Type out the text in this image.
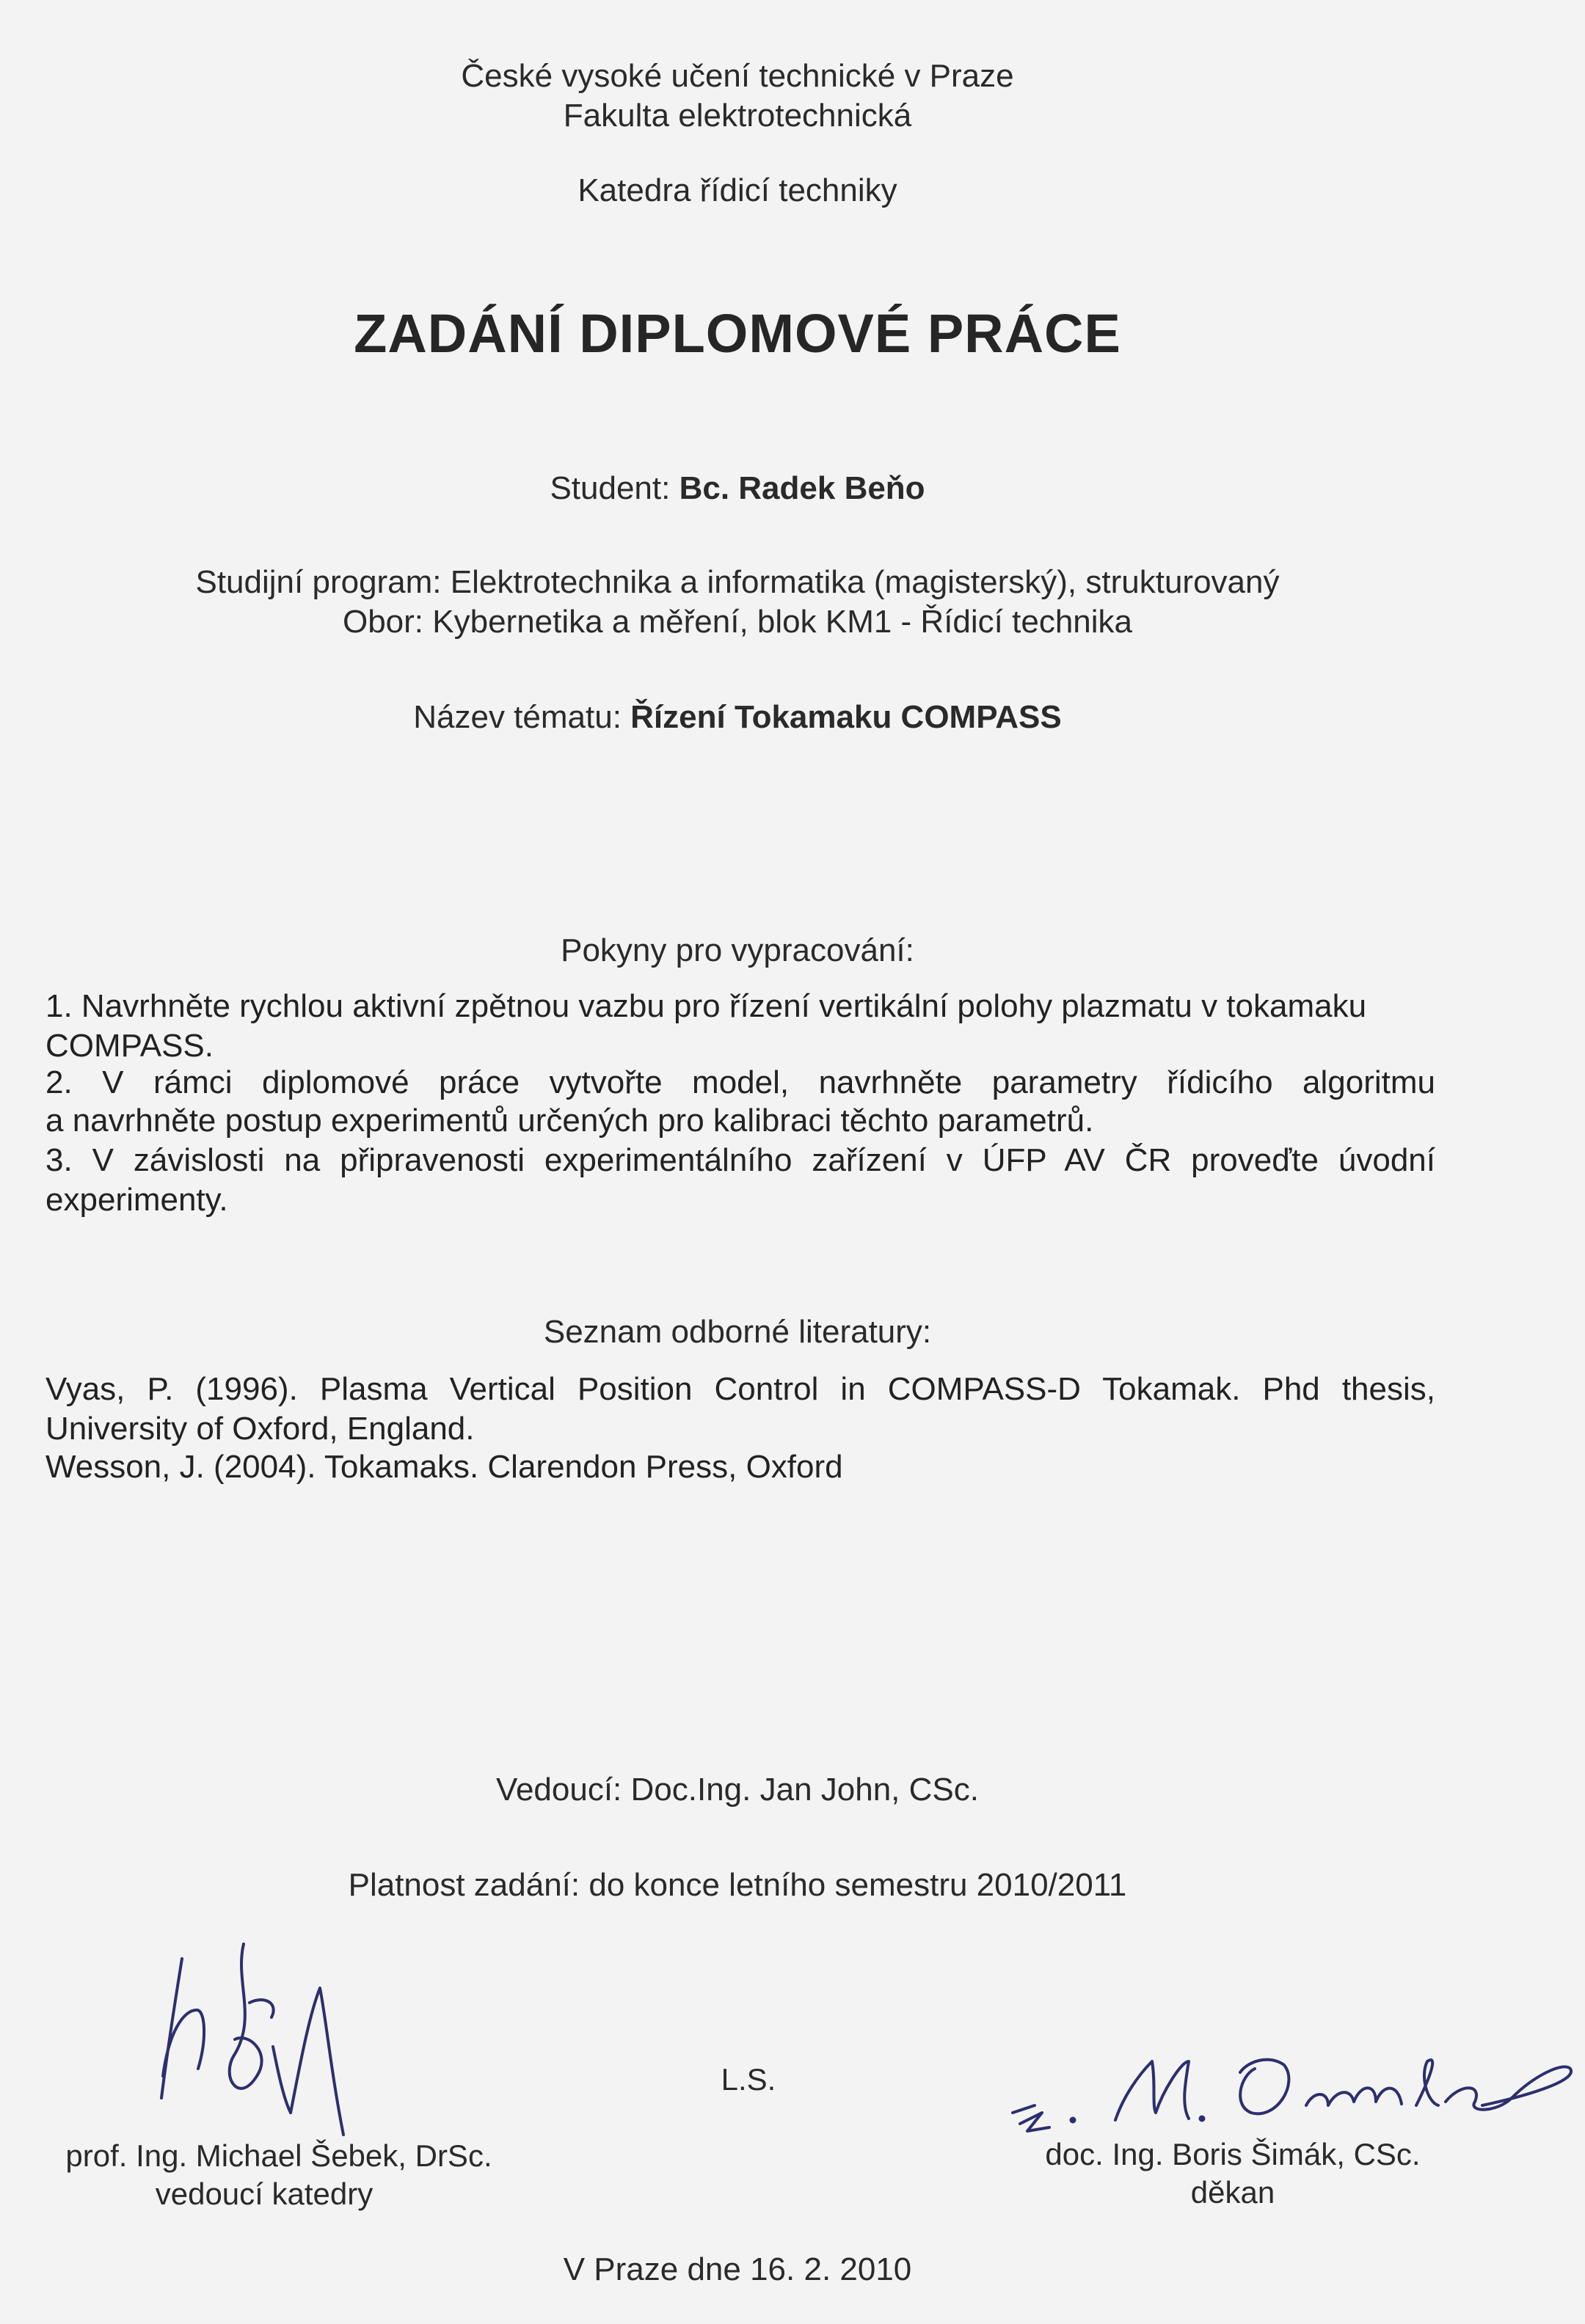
České vysoké učení technické v Praze
Fakulta elektrotechnická
Katedra řídicí techniky
ZADÁNÍ DIPLOMOVÉ PRÁCE
Student: Bc. Radek Beňo
Studijní program: Elektrotechnika a informatika (magisterský), strukturovaný
Obor: Kybernetika a měření, blok KM1 - Řídicí technika
Název tématu: Řízení Tokamaku COMPASS
Pokyny pro vypracování:
1. Navrhněte rychlou aktivní zpětnou vazbu pro řízení vertikální polohy plazmatu v tokamaku
COMPASS.
2. V rámci diplomové práce vytvořte model, navrhněte parametry řídicího algoritmu
a navrhněte postup experimentů určených pro kalibraci těchto parametrů.
3. V závislosti na připravenosti experimentálního zařízení v ÚFP AV ČR proveďte úvodní
experimenty.
Seznam odborné literatury:
Vyas, P. (1996). Plasma Vertical Position Control in COMPASS-D Tokamak. Phd thesis,
University of Oxford, England.
Wesson, J. (2004). Tokamaks. Clarendon Press, Oxford
Vedoucí: Doc.Ing. Jan John, CSc.
Platnost zadání: do konce letního semestru 2010/2011
prof. Ing. Michael Šebek, DrSc.
vedoucí katedry
L.S.
doc. Ing. Boris Šimák, CSc.
děkan
V Praze dne 16. 2. 2010
